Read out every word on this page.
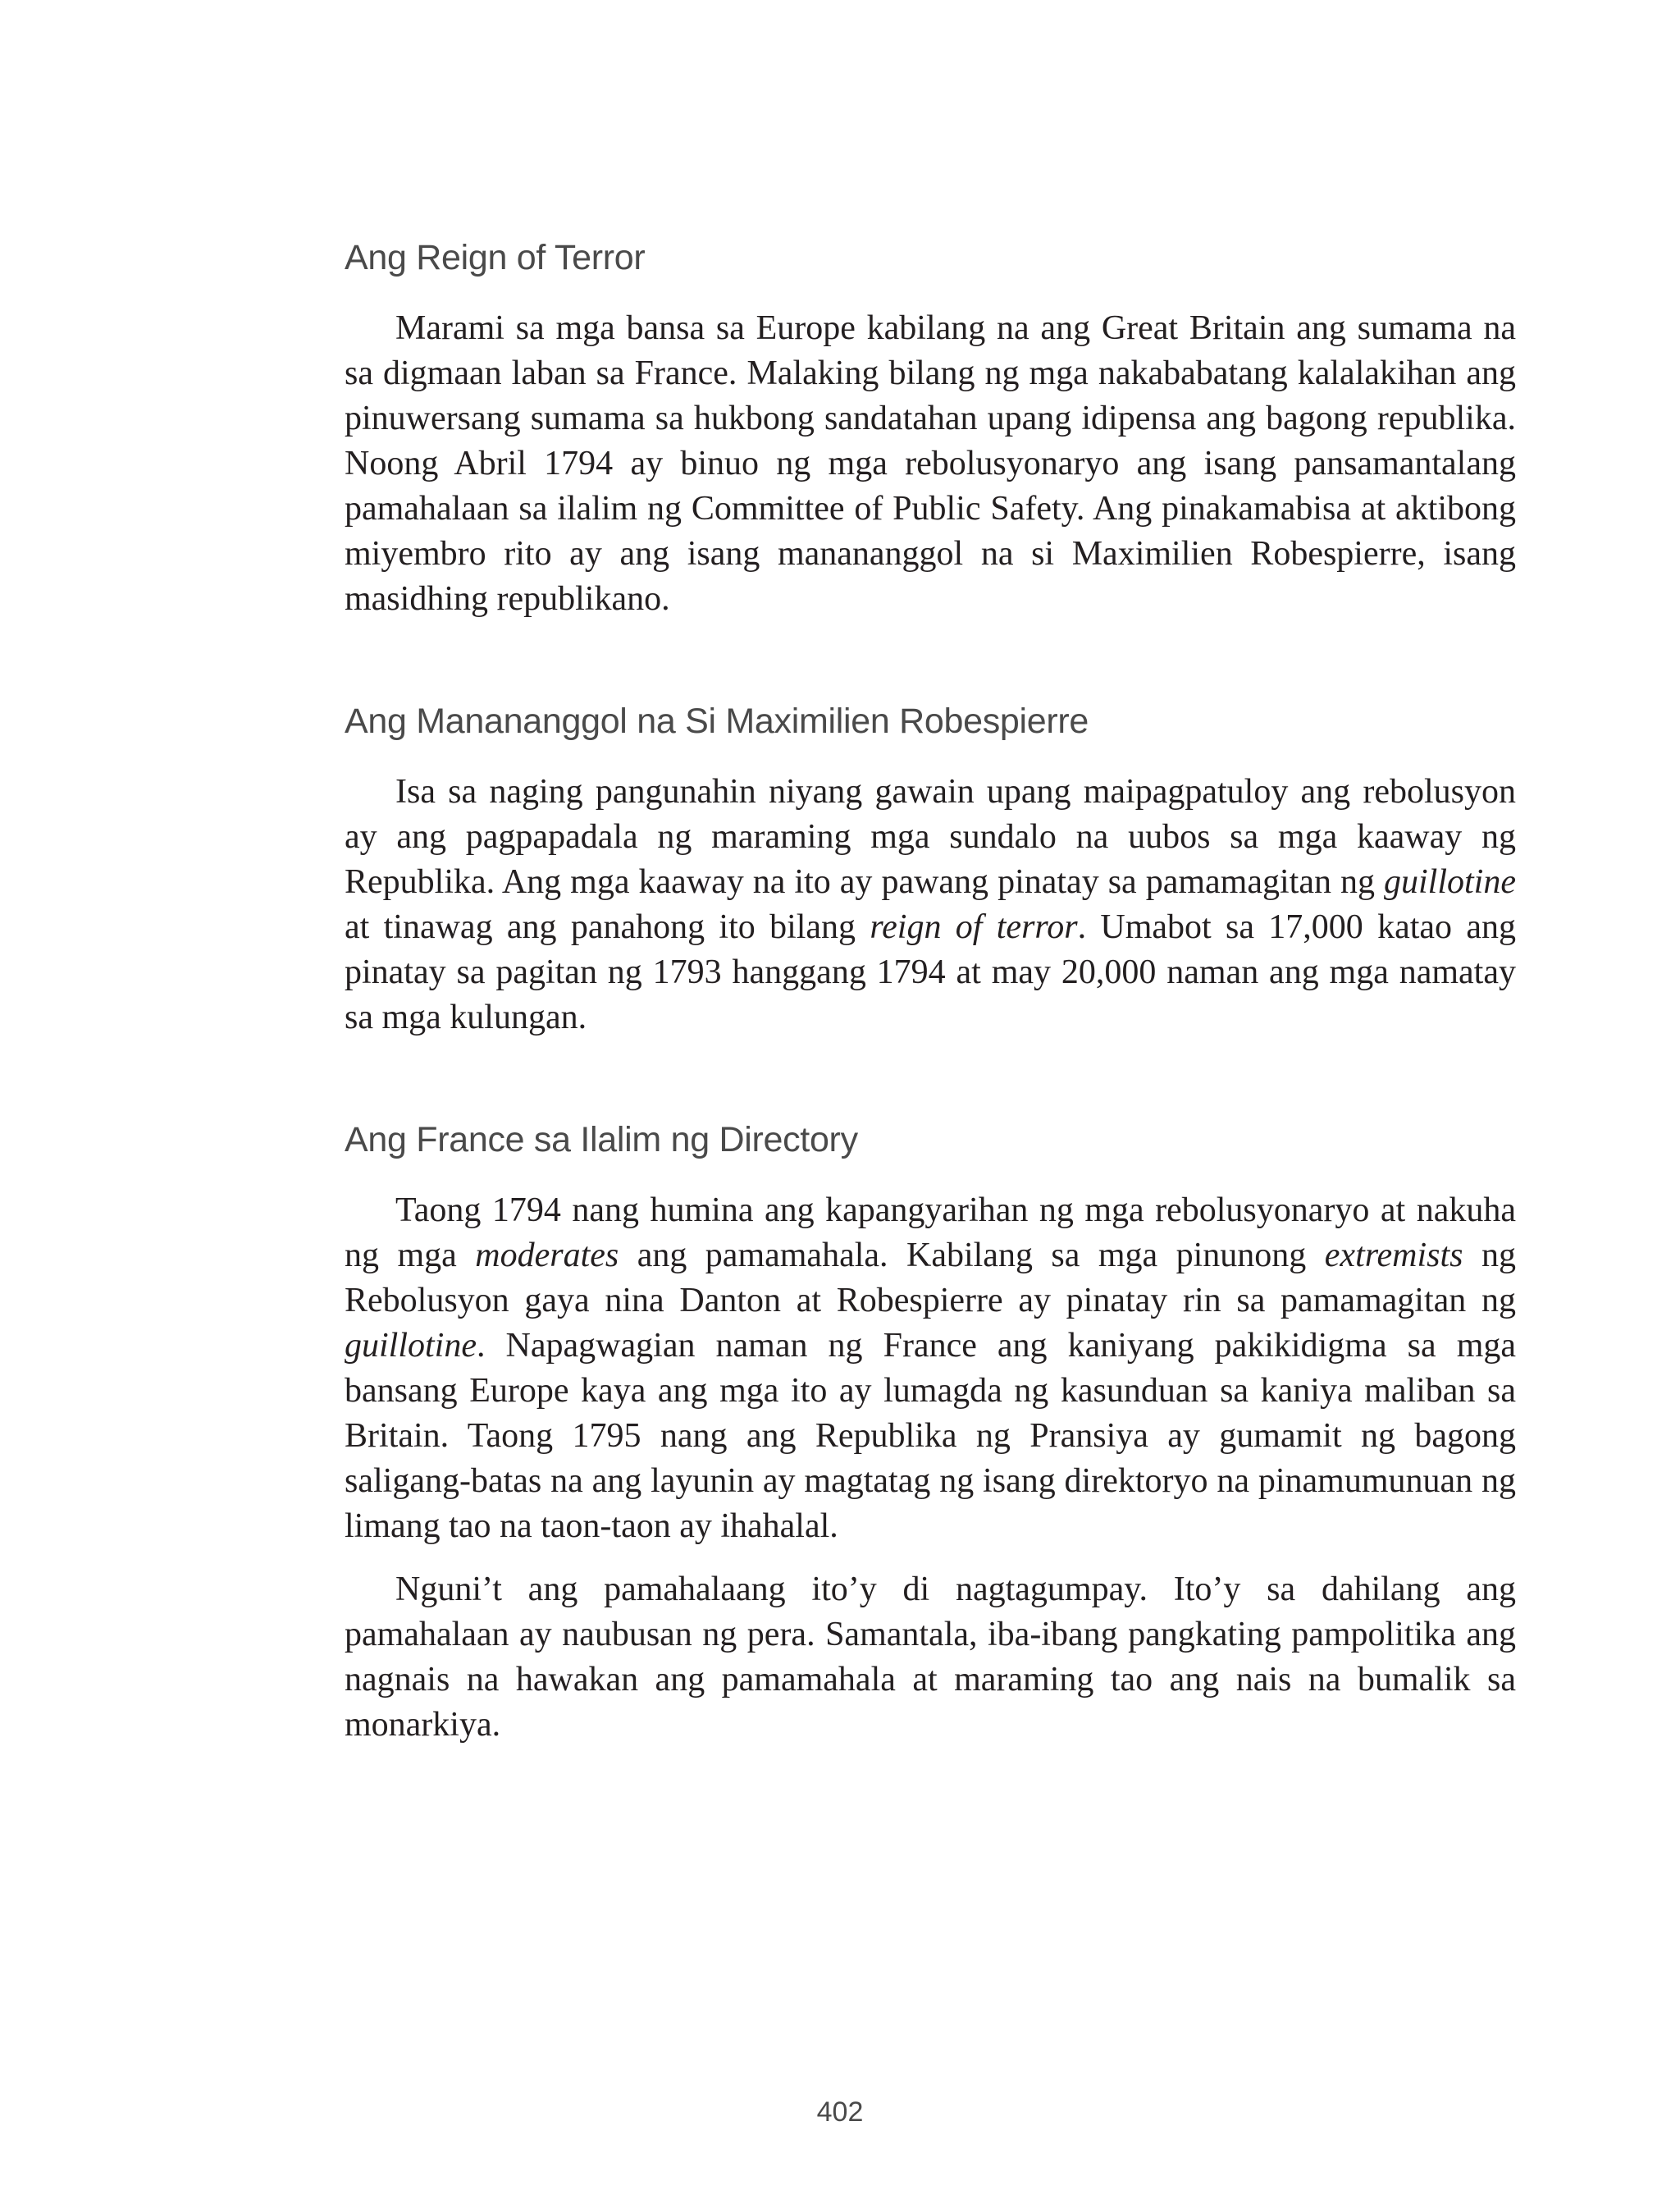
Ang Reign of Terror

Marami sa mga bansa sa Europe kabilang na ang Great Britain ang sumama na sa digmaan laban sa France. Malaking bilang ng mga nakababatang kalalakihan ang pinuwersang sumama sa hukbong sandatahan upang idipensa ang bagong republika. Noong Abril 1794 ay binuo ng mga rebolusyonaryo ang isang pansamantalang pamahalaan sa ilalim ng Committee of Public Safety. Ang pinakamabisa at aktibong miyembro rito ay ang isang manananggol na si Maximilien Robespierre, isang masidhing republikano.

Ang Manananggol na Si Maximilien Robespierre

Isa sa naging pangunahin niyang gawain upang maipagpatuloy ang rebolusyon ay ang pagpapadala ng maraming mga sundalo na uubos sa mga kaaway ng Republika. Ang mga kaaway na ito ay pawang pinatay sa pamamagitan ng guillotine at tinawag ang panahong ito bilang reign of terror. Umabot sa 17,000 katao ang pinatay sa pagitan ng 1793 hanggang 1794 at may 20,000 naman ang mga namatay sa mga kulungan.

Ang France sa Ilalim ng Directory

Taong 1794 nang humina ang kapangyarihan ng mga rebolusyonaryo at nakuha ng mga moderates ang pamamahala. Kabilang sa mga pinunong extremists ng Rebolusyon gaya nina Danton at Robespierre ay pinatay rin sa pamamagitan ng guillotine. Napagwagian naman ng France ang kaniyang pakikidigma sa mga bansang Europe kaya ang mga ito ay lumagda ng kasunduan sa kaniya maliban sa Britain. Taong 1795 nang ang Republika ng Pransiya ay gumamit ng bagong saligang-batas na ang layunin ay magtatag ng isang direktoryo na pinamumunuan ng limang tao na taon-taon ay ihahalal.

Nguni’t ang pamahalaang ito’y di nagtagumpay. Ito’y sa dahilang ang pamahalaan ay naubusan ng pera. Samantala, iba-ibang pangkating pampolitika ang nagnais na hawakan ang pamamahala at maraming tao ang nais na bumalik sa monarkiya.

402
